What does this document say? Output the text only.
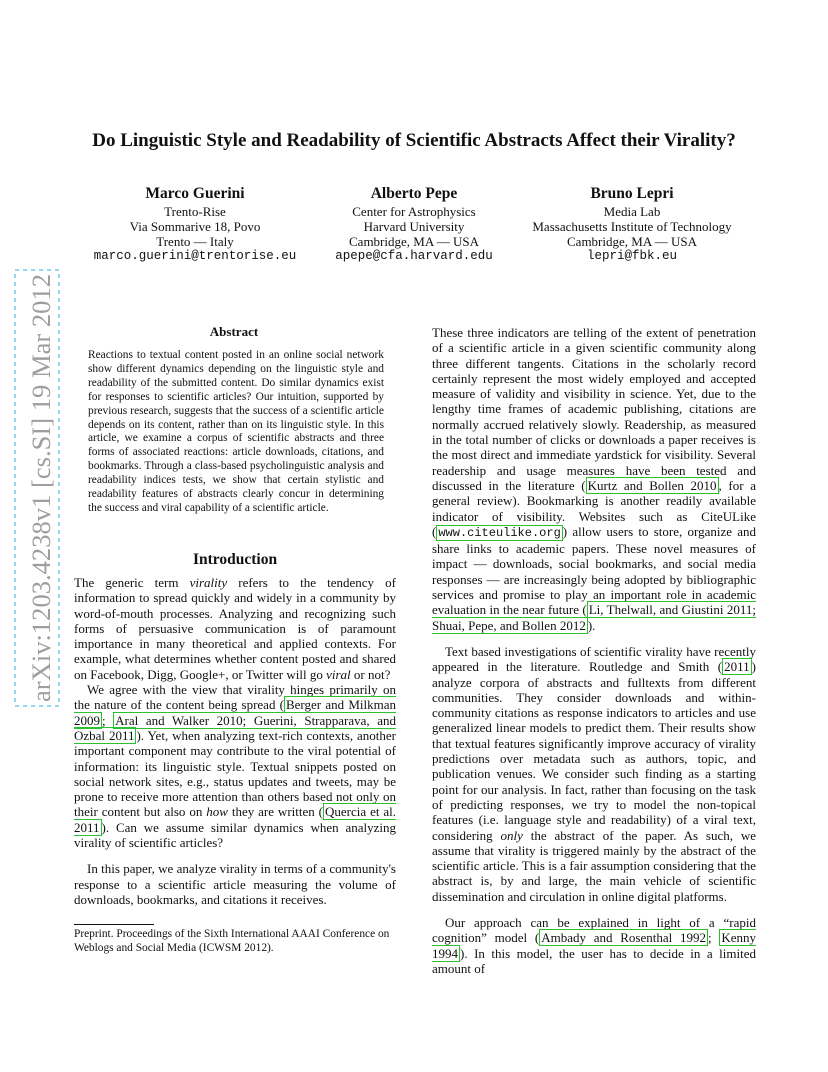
arXiv:1203.4238v1 [cs.SI] 19 Mar 2012
Do Linguistic Style and Readability of Scientific Abstracts Affect their Virality?
Marco Guerini
Trento-Rise
Via Sommarive 18, Povo
Trento — Italy
marco.guerini@trentorise.eu
Alberto Pepe
Center for Astrophysics
Harvard University
Cambridge, MA — USA
apepe@cfa.harvard.edu
Bruno Lepri
Media Lab
Massachusetts Institute of Technology
Cambridge, MA — USA
lepri@fbk.eu
Abstract

Reactions to textual content posted in an online social network show different dynamics depending on the linguistic style and readability of the submitted content. Do similar dynamics exist for responses to scientific articles? Our intuition, supported by previous research, suggests that the success of a scientific article depends on its content, rather than on its linguistic style. In this article, we examine a corpus of scientific abstracts and three forms of associated reactions: article downloads, citations, and bookmarks. Through a class-based psycholinguistic analysis and readability indices tests, we show that certain stylistic and readability features of abstracts clearly concur in determining the success and viral capability of a scientific article.

Introduction

The generic term virality refers to the tendency of information to spread quickly and widely in a community by word-of-mouth processes. Analyzing and recognizing such forms of persuasive communication is of paramount importance in many theoretical and applied contexts. For example, what determines whether content posted and shared on Facebook, Digg, Google+, or Twitter will go viral or not?

We agree with the view that virality hinges primarily on the nature of the content being spread ( Berger and Milkman 2009 ; Aral and Walker 2010; Guerini, Strapparava, and Ozbal 2011 ). Yet, when analyzing text-rich contexts, another important component may contribute to the viral potential of information: its linguistic style. Textual snippets posted on social network sites, e.g., status updates and tweets, may be prone to receive more attention than others based not only on their content but also on how they are written ( Quercia et al. 2011 ). Can we assume similar dynamics when analyzing virality of scientific articles?

In this paper, we analyze virality in terms of a community's response to a scientific article measuring the volume of downloads, bookmarks, and citations it receives.

These three indicators are telling of the extent of penetration of a scientific article in a given scientific community along three different tangents. Citations in the scholarly record certainly represent the most widely employed and accepted measure of validity and visibility in science. Yet, due to the lengthy time frames of academic publishing, citations are normally accrued relatively slowly. Readership, as measured in the total number of clicks or downloads a paper receives is the most direct and immediate yardstick for visibility. Several readership and usage measures have been tested and discussed in the literature ( Kurtz and Bollen 2010 , for a general review). Bookmarking is another readily available indicator of visibility. Websites such as CiteULike ( www.citeulike.org ) allow users to store, organize and share links to academic papers. These novel measures of impact — downloads, social bookmarks, and social media responses — are increasingly being adopted by bibliographic services and promise to play an important role in academic evaluation in the near future ( Li, Thelwall, and Giustini 2011; Shuai, Pepe, and Bollen 2012 ).

Text based investigations of scientific virality have recently appeared in the literature. Routledge and Smith ( 2011 ) analyze corpora of abstracts and fulltexts from different communities. They consider downloads and within-community citations as response indicators to articles and use generalized linear models to predict them. Their results show that textual features significantly improve accuracy of virality predictions over metadata such as authors, topic, and publication venues. We consider such finding as a starting point for our analysis. In fact, rather than focusing on the task of predicting responses, we try to model the non-topical features (i.e. language style and readability) of a viral text, considering only the abstract of the paper. As such, we assume that virality is triggered mainly by the abstract of the scientific article. This is a fair assumption considering that the abstract is, by and large, the main vehicle of scientific dissemination and circulation in online digital platforms.

Our approach can be explained in light of a “rapid cognition” model ( Ambady and Rosenthal 1992 ; Kenny 1994 ). In this model, the user has to decide in a limited amount of

Preprint. Proceedings of the Sixth International AAAI Conference on Weblogs and Social Media (ICWSM 2012).
